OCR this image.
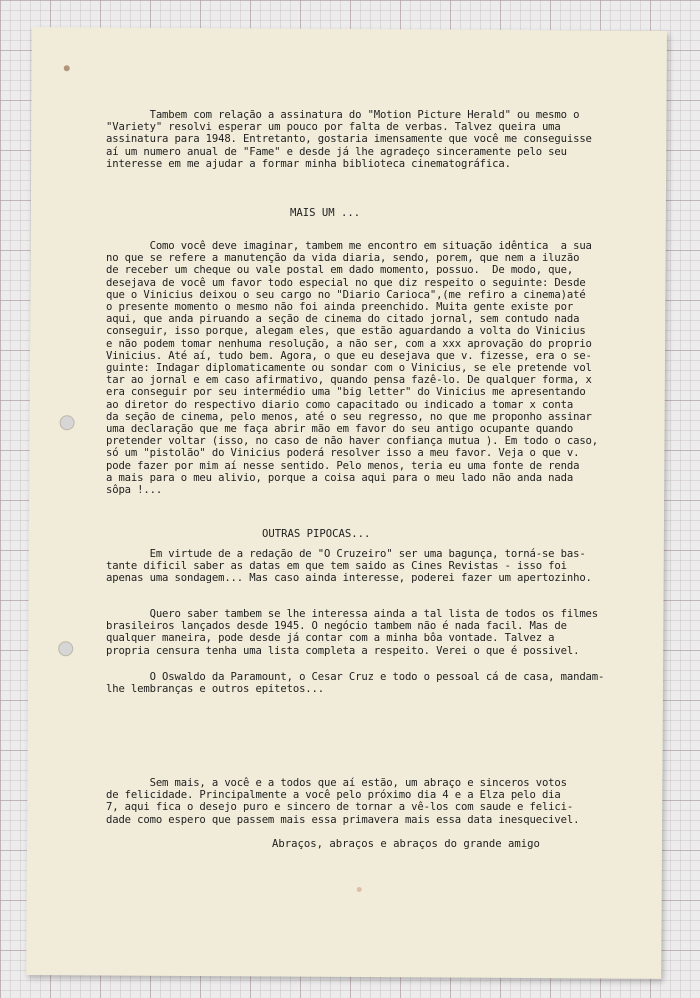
Tambem com relação a assinatura do "Motion Picture Herald" ou mesmo o
"Variety" resolvi esperar um pouco por falta de verbas. Talvez queira uma
assinatura para 1948. Entretanto, gostaria imensamente que você me conseguisse
aí um numero anual de "Fame" e desde já lhe agradeço sinceramente pelo seu
interesse em me ajudar a formar minha biblioteca cinematográfica.
MAIS UM ...
Como você deve imaginar, tambem me encontro em situação idêntica  a sua
no que se refere a manutenção da vida diaria, sendo, porem, que nem a iluzão
de receber um cheque ou vale postal em dado momento, possuo.  De modo, que,
desejava de você um favor todo especial no que diz respeito o seguinte: Desde
que o Vinicius deixou o seu cargo no "Diario Carioca",(me refiro a cinema)até
o presente momento o mesmo não foi ainda preenchido. Muita gente existe por
aqui, que anda piruando a seção de cinema do citado jornal, sem contudo nada
conseguir, isso porque, alegam eles, que estão aguardando a volta do Vinicius
e não podem tomar nenhuma resolução, a não ser, com a xxx aprovação do proprio
Vinicius. Até aí, tudo bem. Agora, o que eu desejava que v. fizesse, era o se-
guinte: Indagar diplomaticamente ou sondar com o Vinicius, se ele pretende vol
tar ao jornal e em caso afirmativo, quando pensa fazê-lo. De qualquer forma, x
era conseguir por seu intermédio uma "big letter" do Vinicius me apresentando
ao diretor do respectivo diario como capacitado ou indicado a tomar x conta
da seção de cinema, pelo menos, até o seu regresso, no que me proponho assinar
uma declaração que me faça abrir mão em favor do seu antigo ocupante quando
pretender voltar (isso, no caso de não haver confiança mutua ). Em todo o caso,
só um "pistolão" do Vinicius poderá resolver isso a meu favor. Veja o que v.
pode fazer por mim aí nesse sentido. Pelo menos, teria eu uma fonte de renda
a mais para o meu alivio, porque a coisa aqui para o meu lado não anda nada
sôpa !...
OUTRAS PIPOCAS...
Em virtude de a redação de "O Cruzeiro" ser uma bagunça, torná-se bas-
tante dificil saber as datas em que tem saido as Cines Revistas - isso foi
apenas uma sondagem... Mas caso ainda interesse, poderei fazer um apertozinho.
Quero saber tambem se lhe interessa ainda a tal lista de todos os filmes
brasileiros lançados desde 1945. O negócio tambem não é nada facil. Mas de
qualquer maneira, pode desde já contar com a minha bôa vontade. Talvez a
propria censura tenha uma lista completa a respeito. Verei o que é possivel.
O Oswaldo da Paramount, o Cesar Cruz e todo o pessoal cá de casa, mandam-
lhe lembranças e outros epitetos...
Sem mais, a você e a todos que aí estão, um abraço e sinceros votos
de felicidade. Principalmente a você pelo próximo dia 4 e a Elza pelo dia
7, aqui fica o desejo puro e sincero de tornar a vê-los com saude e felici-
dade como espero que passem mais essa primavera mais essa data inesquecivel.
Abraços, abraços e abraços do grande amigo
